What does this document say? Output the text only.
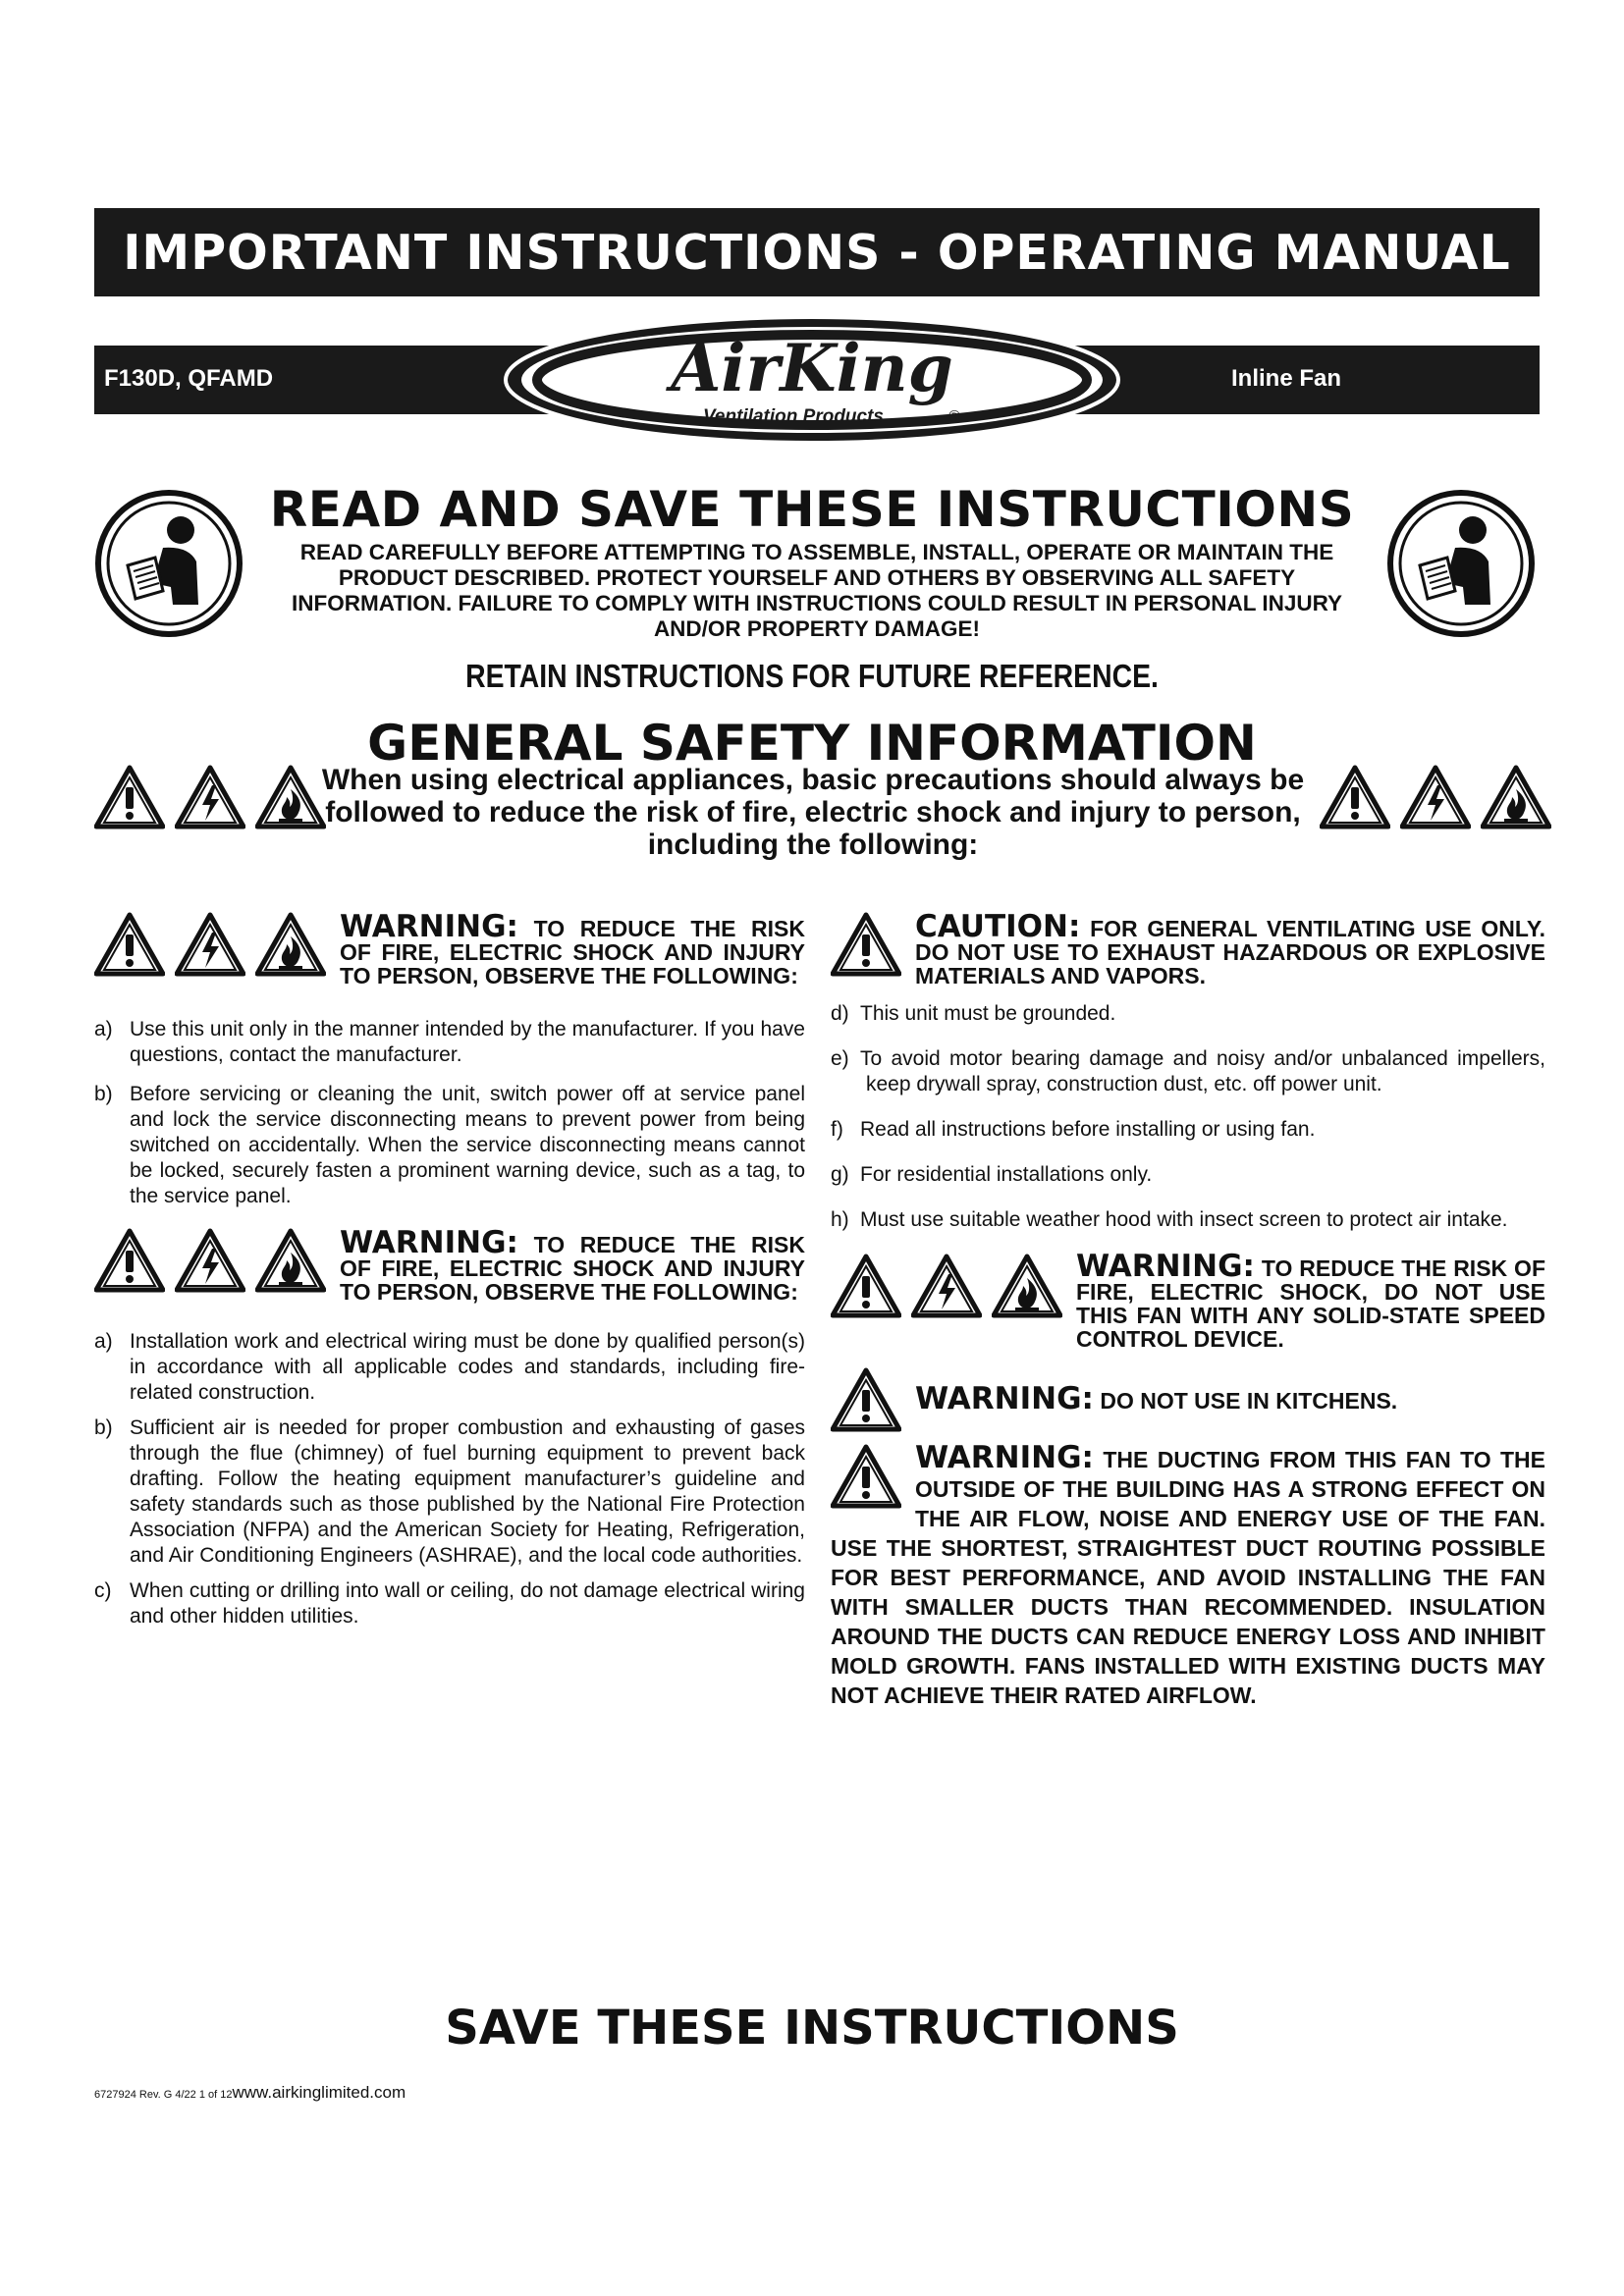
IMPORTANT INSTRUCTIONS - OPERATING MANUAL
F130D, QFAMD	Inline Fan
AirKing
Ventilation Products	®
READ AND SAVE THESE INSTRUCTIONS
READ CAREFULLY BEFORE ATTEMPTING TO ASSEMBLE, INSTALL, OPERATE OR MAINTAIN THE PRODUCT DESCRIBED. PROTECT YOURSELF AND OTHERS BY OBSERVING ALL SAFETY INFORMATION. FAILURE TO COMPLY WITH INSTRUCTIONS COULD RESULT IN PERSONAL INJURY AND/OR PROPERTY DAMAGE!
RETAIN INSTRUCTIONS FOR FUTURE REFERENCE.
GENERAL SAFETY INFORMATION
When using electrical appliances, basic precautions should always be followed to reduce the risk of fire, electric shock and injury to person, including the following:
WARNING: TO REDUCE THE RISK OF FIRE, ELECTRIC SHOCK AND INJURY TO PERSON, OBSERVE THE FOLLOWING:
a) Use this unit only in the manner intended by the manufacturer. If you have questions, contact the manufacturer.
b) Before servicing or cleaning the unit, switch power off at service panel and lock the service disconnecting means to prevent power from being switched on accidentally. When the service disconnecting means cannot be locked, securely fasten a prominent warning device, such as a tag, to the service panel.
WARNING: TO REDUCE THE RISK OF FIRE, ELECTRIC SHOCK AND INJURY TO PERSON, OBSERVE THE FOLLOWING:
a) Installation work and electrical wiring must be done by qualified person(s) in accordance with all applicable codes and standards, including fire-related construction.
b) Sufficient air is needed for proper combustion and exhausting of gases through the flue (chimney) of fuel burning equipment to prevent back drafting. Follow the heating equipment manufacturer’s guideline and safety standards such as those published by the National Fire Protection Association (NFPA) and the American Society for Heating, Refrigeration, and Air Conditioning Engineers (ASHRAE), and the local code authorities.
c) When cutting or drilling into wall or ceiling, do not damage electrical wiring and other hidden utilities.
CAUTION: FOR GENERAL VENTILATING USE ONLY. DO NOT USE TO EXHAUST HAZARDOUS OR EXPLOSIVE MATERIALS AND VAPORS.
d) This unit must be grounded.
e) To avoid motor bearing damage and noisy and/or unbalanced impellers, keep drywall spray, construction dust, etc. off power unit.
f) Read all instructions before installing or using fan.
g) For residential installations only.
h) Must use suitable weather hood with insect screen to protect air intake.
WARNING: TO REDUCE THE RISK OF FIRE, ELECTRIC SHOCK, DO NOT USE THIS FAN WITH ANY SOLID-STATE SPEED CONTROL DEVICE.
WARNING: DO NOT USE IN KITCHENS.
WARNING: THE DUCTING FROM THIS FAN TO THE OUTSIDE OF THE BUILDING HAS A STRONG EFFECT ON THE AIR FLOW, NOISE AND ENERGY USE OF THE FAN. USE THE SHORTEST, STRAIGHTEST DUCT ROUTING POSSIBLE FOR BEST PERFORMANCE, AND AVOID INSTALLING THE FAN WITH SMALLER DUCTS THAN RECOMMENDED. INSULATION AROUND THE DUCTS CAN REDUCE ENERGY LOSS AND INHIBIT MOLD GROWTH. FANS INSTALLED WITH EXISTING DUCTS MAY NOT ACHIEVE THEIR RATED AIRFLOW.
SAVE THESE INSTRUCTIONS
6727924 Rev. G 4/22 1 of 12www.airkinglimited.com
